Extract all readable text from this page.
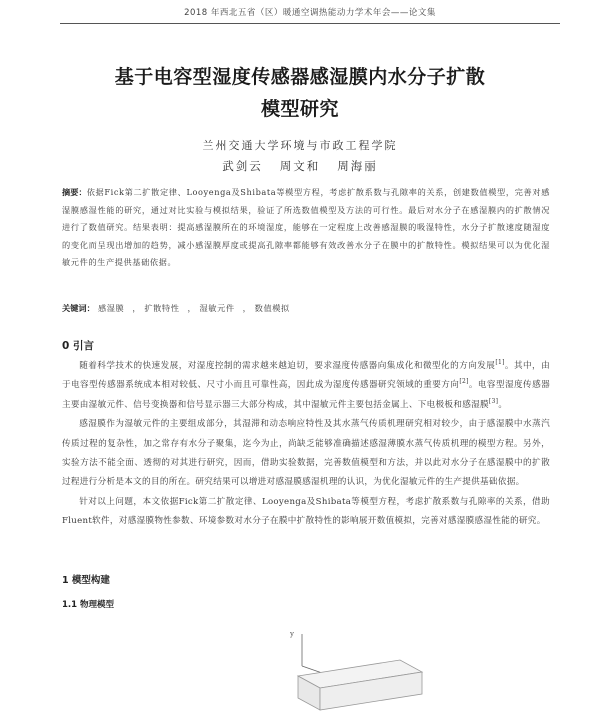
2018 年西北五省（区）暖通空调热能动力学术年会——论文集
基于电容型湿度传感器感湿膜内水分子扩散
模型研究
兰州交通大学环境与市政工程学院
武剑云 周文和 周海丽
摘要：依据Fick第二扩散定律、Looyenga及Shibata等模型方程，考虑扩散系数与孔隙率的关系，创建数值模型，完善对感湿膜感湿性能的研究，通过对比实验与模拟结果，验证了所选数值模型及方法的可行性。最后对水分子在感湿膜内的扩散情况进行了数值研究。结果表明：提高感湿膜所在的环境湿度，能够在一定程度上改善感湿膜的吸湿特性，水分子扩散速度随湿度的变化而呈现出增加的趋势，减小感湿膜厚度或提高孔隙率都能够有效改善水分子在膜中的扩散特性。模拟结果可以为优化湿敏元件的生产提供基础依据。
关键词： 感湿膜 ， 扩散特性 ， 湿敏元件 ， 数值模拟
0 引言

随着科学技术的快速发展，对湿度控制的需求越来越迫切，要求湿度传感器向集成化和微型化的方向发展[1]。其中，由于电容型传感器系统成本相对较低、尺寸小而且可靠性高，因此成为湿度传感器研究领域的重要方向[2]。电容型湿度传感器主要由湿敏元件、信号变换器和信号显示器三大部分构成，其中湿敏元件主要包括金属上、下电极板和感湿膜[3]。

感湿膜作为湿敏元件的主要组成部分，其湿滞和动态响应特性及其水蒸气传质机理研究相对较少，由于感湿膜中水蒸汽传质过程的复杂性，加之常存有水分子聚集，迄今为止，尚缺乏能够准确描述感湿薄膜水蒸气传质机理的模型方程。另外，实验方法不能全面、透彻的对其进行研究，因而，借助实验数据，完善数值模型和方法，并以此对水分子在感湿膜中的扩散过程进行分析是本文的目的所在。研究结果可以增进对感湿膜感湿机理的认识，为优化湿敏元件的生产提供基础依据。

针对以上问题，本文依据Fick第二扩散定律、Looyenga及Shibata等模型方程，考虑扩散系数与孔隙率的关系，借助Fluent软件，对感湿膜物性参数、环境参数对水分子在膜中扩散特性的影响展开数值模拟，完善对感湿膜感湿性能的研究。

1 模型构建
1.1 物理模型
y
